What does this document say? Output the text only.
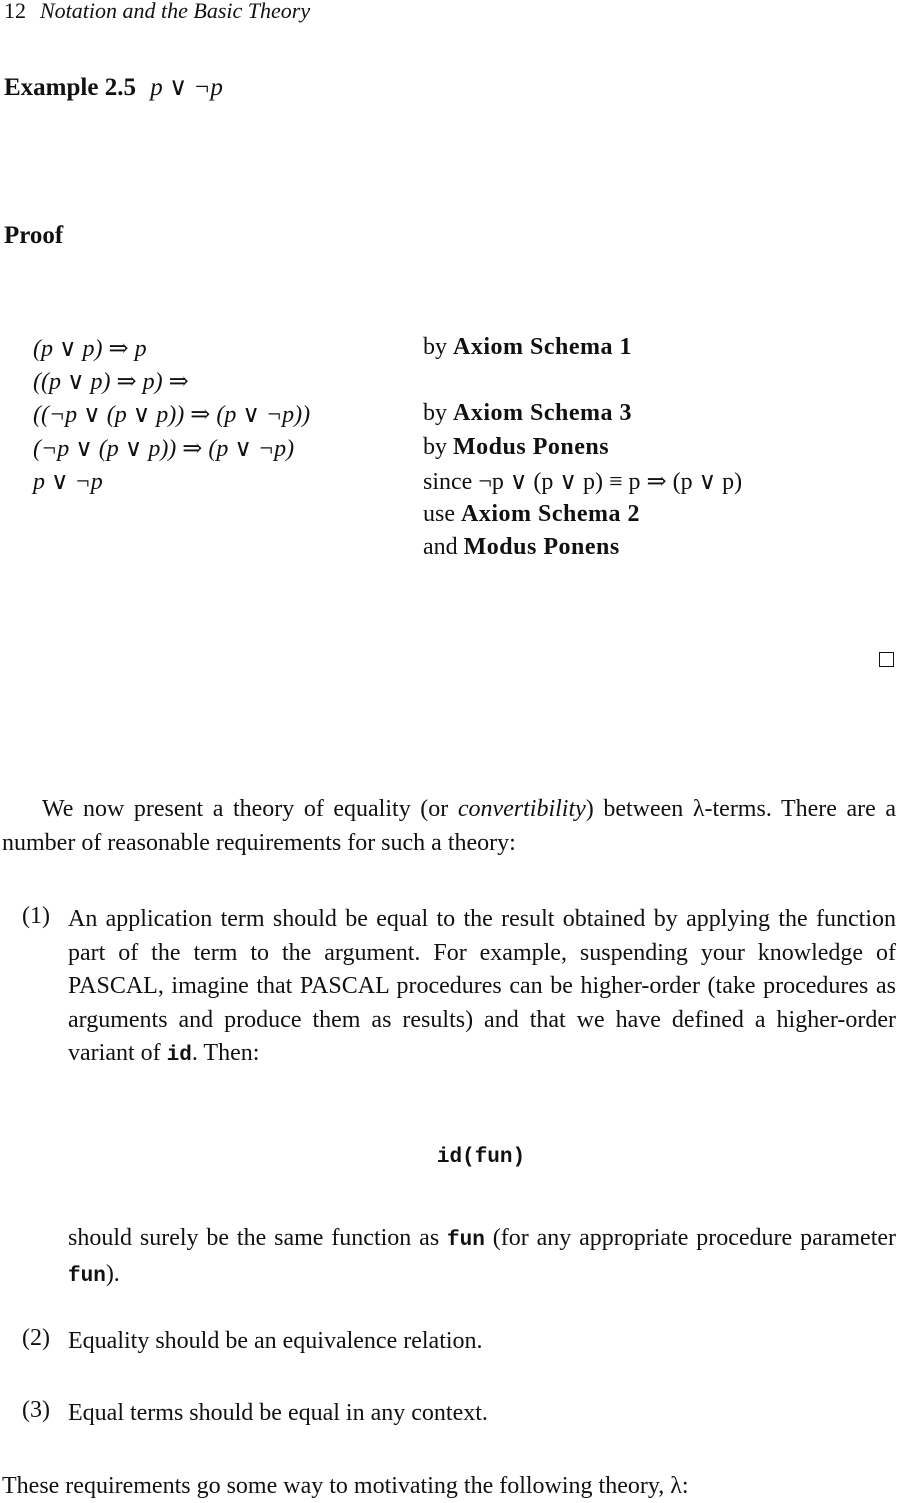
12 Notation and the Basic Theory
Example 2.5 p ∨ ¬p
Proof
(p ∨ p) ⇒ p	by Axiom Schema 1
((p ∨ p) ⇒ p) ⇒
((¬p ∨ (p ∨ p)) ⇒ (p ∨ ¬p))	by Axiom Schema 3
(¬p ∨ (p ∨ p)) ⇒ (p ∨ ¬p)	by Modus Ponens
p ∨ ¬p	since ¬p ∨ (p ∨ p) ≡ p ⇒ (p ∨ p)
use Axiom Schema 2
and Modus Ponens
We now present a theory of equality (or convertibility) between λ-terms. There are a number of reasonable requirements for such a theory:
(1) An application term should be equal to the result obtained by applying the function part of the term to the argument. For example, suspending your knowledge of PASCAL, imagine that PASCAL procedures can be higher-order (take procedures as arguments and produce them as results) and that we have defined a higher-order variant of id. Then:
id(fun)
should surely be the same function as fun (for any appropriate procedure parameter fun).
(2) Equality should be an equivalence relation.
(3) Equal terms should be equal in any context.
These requirements go some way to motivating the following theory, λ:
